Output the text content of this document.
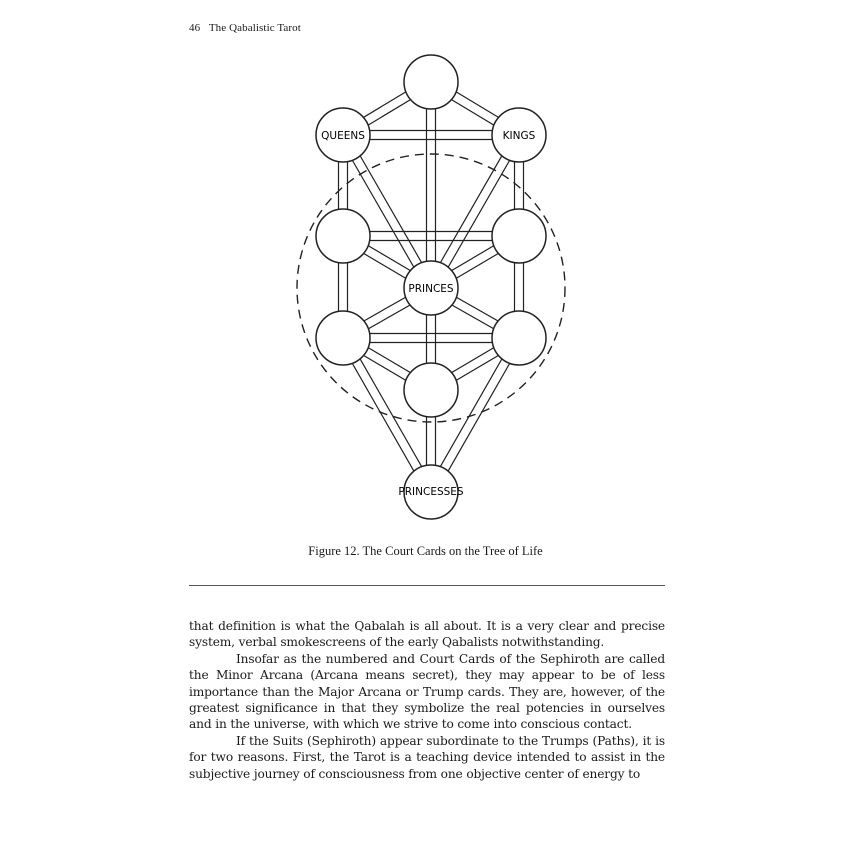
46 The Qabalistic Tarot
KINGS
QUEENS
PRINCES
PRINCESSES
Figure 12. The Court Cards on the Tree of Life

that definition is what the Qabalah is all about. It is a very clear and precise system, verbal smokescreens of the early Qabalists notwithstanding.

Insofar as the numbered and Court Cards of the Sephiroth are called the Minor Arcana (Arcana means secret), they may appear to be of less importance than the Major Arcana or Trump cards. They are, however, of the greatest significance in that they symbolize the real potencies in ourselves and in the universe, with which we strive to come into conscious contact.

If the Suits (Sephiroth) appear subordinate to the Trumps (Paths), it is for two reasons. First, the Tarot is a teaching device intended to assist in the subjective journey of consciousness from one objective center of energy to
